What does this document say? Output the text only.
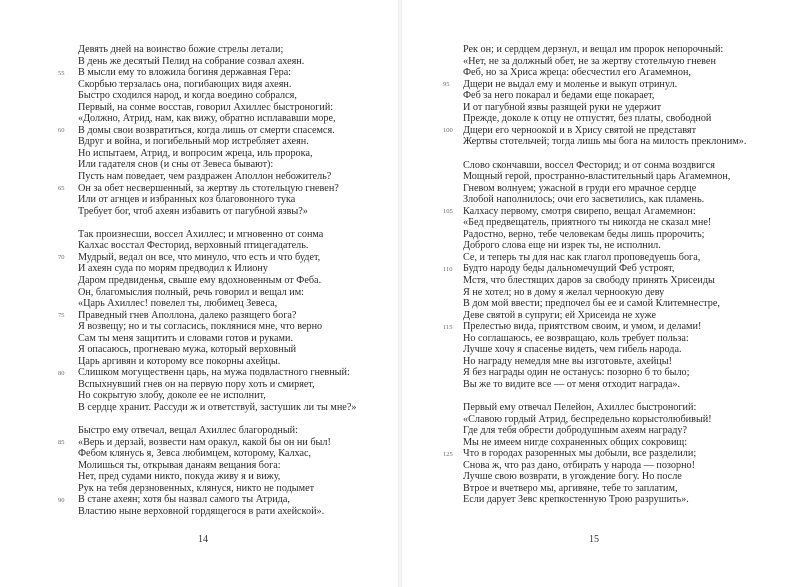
Девять дней на воинство божие стрелы летали;
В день же десятый Пелид на собрание созвал ахеян.
55 В мысли ему то вложила богиня державная Гера:
Скорбью терзалась она, погибающих видя ахеян.
Быстро сходился народ, и когда воедино собрался,
Первый, на сонме восстав, говорил Ахиллес быстроногий:
«Должно, Атрид, нам, как вижу, обратно исплававши море,
60 В домы свои возвратиться, когда лишь от смерти спасемся.
Вдруг и война, и погибельный мор истребляет ахеян.
Но испытаем, Атрид, и вопросим жреца, иль пророка,
Или гадателя снов (и сны от Зевеса бывают):
Пусть нам поведает, чем раздражен Аполлон небожитель?
65 Он за обет несвершенный, за жертву ль стотельцую гневен?
Или от агнцев и избранных коз благовонного тука
Требует бог, чтоб ахеян избавить от пагубной язвы?»
Так произнесши, воссел Ахиллес; и мгновенно от сонма
Калхас восстал Фесторид, верховный птицегадатель.
70 Мудрый, ведал он все, что минуло, что есть и что будет,
И ахеян суда по морям предводил к Илиону
Даром предвиденья, свыше ему вдохновенным от Феба.
Он, благомыслия полный, речь говорил и вещал им:
«Царь Ахиллес! повелел ты, любимец Зевеса,
75 Праведный гнев Аполлона, далеко разящего бога?
Я возвещу; но и ты согласись, поклянися мне, что верно
Сам ты меня защитить и словами готов и руками.
Я опасаюсь, прогневаю мужа, который верховный
Царь аргивян и которому все покорны ахейцы.
80 Слишком могущественн царь, на мужа подвластного гневный:
Вспыхнувший гнев он на первую пору хоть и смиряет,
Но сокрытую злобу, доколе ее не исполнит,
В сердце хранит. Рассуди ж и ответствуй, застушик ли ты мне?»
Быстро ему отвечал, вещал Ахиллес благородный:
85 «Верь и дерзай, возвести нам оракул, какой бы он ни был!
Фебом клянусь я, Зевса любимцем, которому, Калхас,
Молишься ты, открывая данаям вещания бога:
Нет, пред судами никто, покуда живу я и вижу,
Рук на тебя дерзновенных, клянуся, никто не подымет
90 В стане ахеян; хотя бы назвал самого ты Атрида,
Властию ныне верховной гордящегося в рати ахейской».
Рек он; и сердцем дерзнул, и вещал им пророк непорочный:
«Нет, не за должный обет, не за жертву стотельчую гневен
Феб, но за Хриса жреца: обесчестил его Агамемнон,
95 Дщери не выдал ему и моленье и выкуп отринул.
Феб за него покарал и бедами еще покарает,
И от пагубной язвы разящей руки не удержит
Прежде, доколе к отцу не отпустят, без платы, свободной
100 Дщери его черноокой и в Хрису святой не представят
Жертвы стотельчей; тогда лишь мы бога на милость преклоним».
Слово скончавши, воссел Фесторид; и от сонма воздвигся
Мощный герой, пространно-властительный царь Агамемнон,
Гневом волнуем; ужасной в груди его мрачное сердце
Злобой наполнилось; очи его засветились, как пламень.
105 Калхасу первому, смотря свирепо, вещал Агамемнон:
«Бед предвещатель, приятного ты никогда не сказал мне!
Радостно, верно, тебе человекам беды лишь пророчить;
Доброго слова еще ни изрек ты, не исполнил.
Се, и теперь ты для нас как глагол проповедуешь бога,
110 Будто народу беды дальномечущий Феб устроят,
Мстя, что блестящих даров за свободу принять Хрисеиды
Я не хотел; но в дому я желал черноокую деву
В дом мой ввести; предпочел бы ее и самой Клитемнестре,
Деве святой в супруги; ей Хрисеида не хуже
115 Прелестью вида, приятством своим, и умом, и делами!
Но соглашаюсь, ее возвращаю, коль требует польза:
Лучше хочу я спасенье видеть, чем гибель народа.
Но награду немедля мне вы изготовьте, ахейцы!
Я без награды один не останусь: позорно б то было;
Вы же то видите все — от меня отходит награда».
Первый ему отвечал Пелейон, Ахиллес быстроногий:
«Славою гордый Атрид, беспредельно корыстолюбивый!
Где для тебя обрести добродушным ахеям награду?
Мы не имеем нигде сохраненных общих сокровищ:
125 Что в городах разоренных мы добыли, все разделили;
Снова ж, что раз дано, отбирать у народа — позорно!
Лучше свою возврати, в угождение богу. Но после
Втрое и вчетверо мы, аргивяне, тебе то заплатим,
Если дарует Зевс крепкостенную Трою разрушить».
14	15
